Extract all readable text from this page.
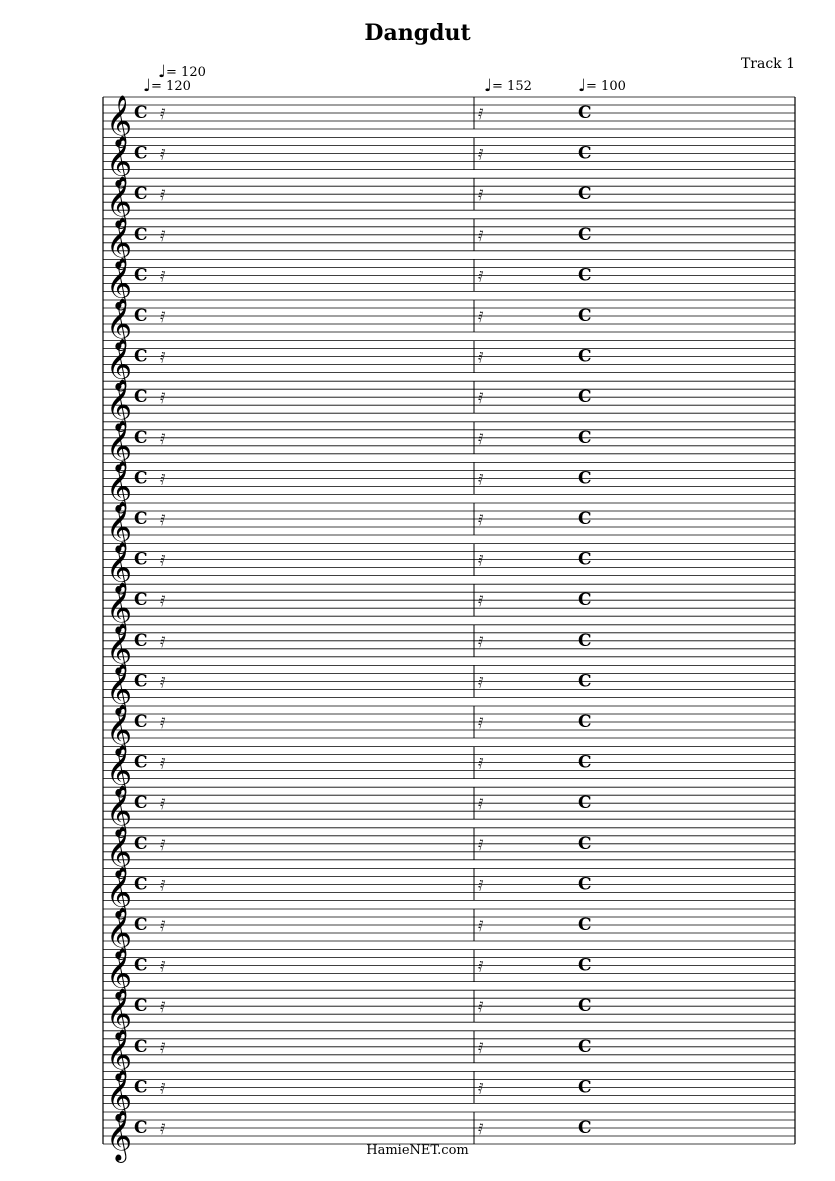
Dangdut
Track 1
♩= 120
♩= 120	♩= 152	♩= 100
𝄞 C	C
𝅀	𝅀
𝄞 C	C
𝅀	𝅀
𝄞 C	C
𝅀	𝅀
𝄞 C	C
𝅀	𝅀
𝄞 C	C
𝅀	𝅀
𝄞 C	C
𝅀	𝅀
𝄞 C	C
𝅀	𝅀
𝄞 C	C
𝅀	𝅀
𝄞 C	C
𝅀	𝅀
𝄞 C	C
𝅀	𝅀
𝄞 C	C
𝅀	𝅀
𝄞 C	C
𝅀	𝅀
𝄞 C	C
𝅀	𝅀
𝄞 C	C
𝅀	𝅀
𝄞 C	C
𝅀	𝅀
𝄞 C	C
𝅀	𝅀
𝄞 C	C
𝅀	𝅀
𝄞 C	C
𝅀	𝅀
𝄞 C	C
𝅀	𝅀
𝄞 C	C
𝅀	𝅀
𝄞 C	C
𝅀	𝅀
𝄞 C	C
𝅀	𝅀
𝄞 C	C
𝅀	𝅀
𝄞 C	C
𝅀	𝅀
𝄞 C	C
𝅀	𝅀
𝄞 C	C
𝅀	𝅀
HamieNET.com
